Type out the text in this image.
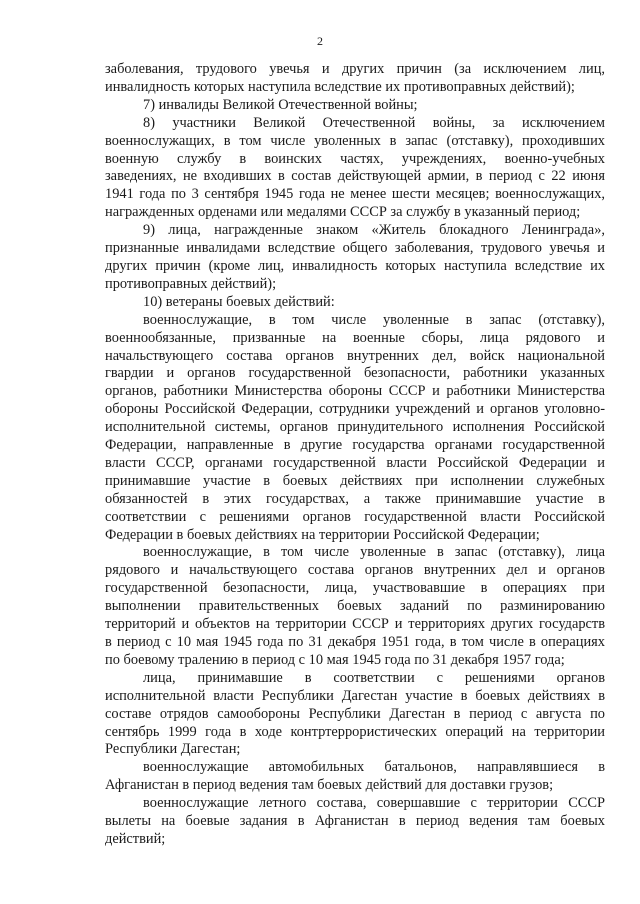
2

заболевания, трудового увечья и других причин (за исключением лиц,

инвалидность которых наступила вследствие их противоправных действий);

7) инвалиды Великой Отечественной войны;

8) участники Великой Отечественной войны, за исключением

военнослужащих, в том числе уволенных в запас (отставку), проходивших

военную службу в воинских частях, учреждениях, военно-учебных

заведениях, не входивших в состав действующей армии, в период с 22 июня

1941 года по 3 сентября 1945 года не менее шести месяцев; военнослужащих,

награжденных орденами или медалями СССР за службу в указанный период;

9) лица, награжденные знаком «Житель блокадного Ленинграда»,

признанные инвалидами вследствие общего заболевания, трудового увечья и

других причин (кроме лиц, инвалидность которых наступила вследствие их

противоправных действий);

10) ветераны боевых действий:

военнослужащие, в том числе уволенные в запас (отставку),

военнообязанные, призванные на военные сборы, лица рядового и

начальствующего состава органов внутренних дел, войск национальной

гвардии и органов государственной безопасности, работники указанных

органов, работники Министерства обороны СССР и работники Министерства

обороны Российской Федерации, сотрудники учреждений и органов уголовно-

исполнительной системы, органов принудительного исполнения Российской

Федерации, направленные в другие государства органами государственной

власти СССР, органами государственной власти Российской Федерации и

принимавшие участие в боевых действиях при исполнении служебных

обязанностей в этих государствах, а также принимавшие участие в

соответствии с решениями органов государственной власти Российской

Федерации в боевых действиях на территории Российской Федерации;

военнослужащие, в том числе уволенные в запас (отставку), лица

рядового и начальствующего состава органов внутренних дел и органов

государственной безопасности, лица, участвовавшие в операциях при

выполнении правительственных боевых заданий по разминированию

территорий и объектов на территории СССР и территориях других государств

в период с 10 мая 1945 года по 31 декабря 1951 года, в том числе в операциях

по боевому тралению в период с 10 мая 1945 года по 31 декабря 1957 года;

лица, принимавшие в соответствии с решениями органов

исполнительной власти Республики Дагестан участие в боевых действиях в

составе отрядов самообороны Республики Дагестан в период с августа по

сентябрь 1999 года в ходе контртеррористических операций на территории

Республики Дагестан;

военнослужащие автомобильных батальонов, направлявшиеся в

Афганистан в период ведения там боевых действий для доставки грузов;

военнослужащие летного состава, совершавшие с территории СССР

вылеты на боевые задания в Афганистан в период ведения там боевых

действий;
